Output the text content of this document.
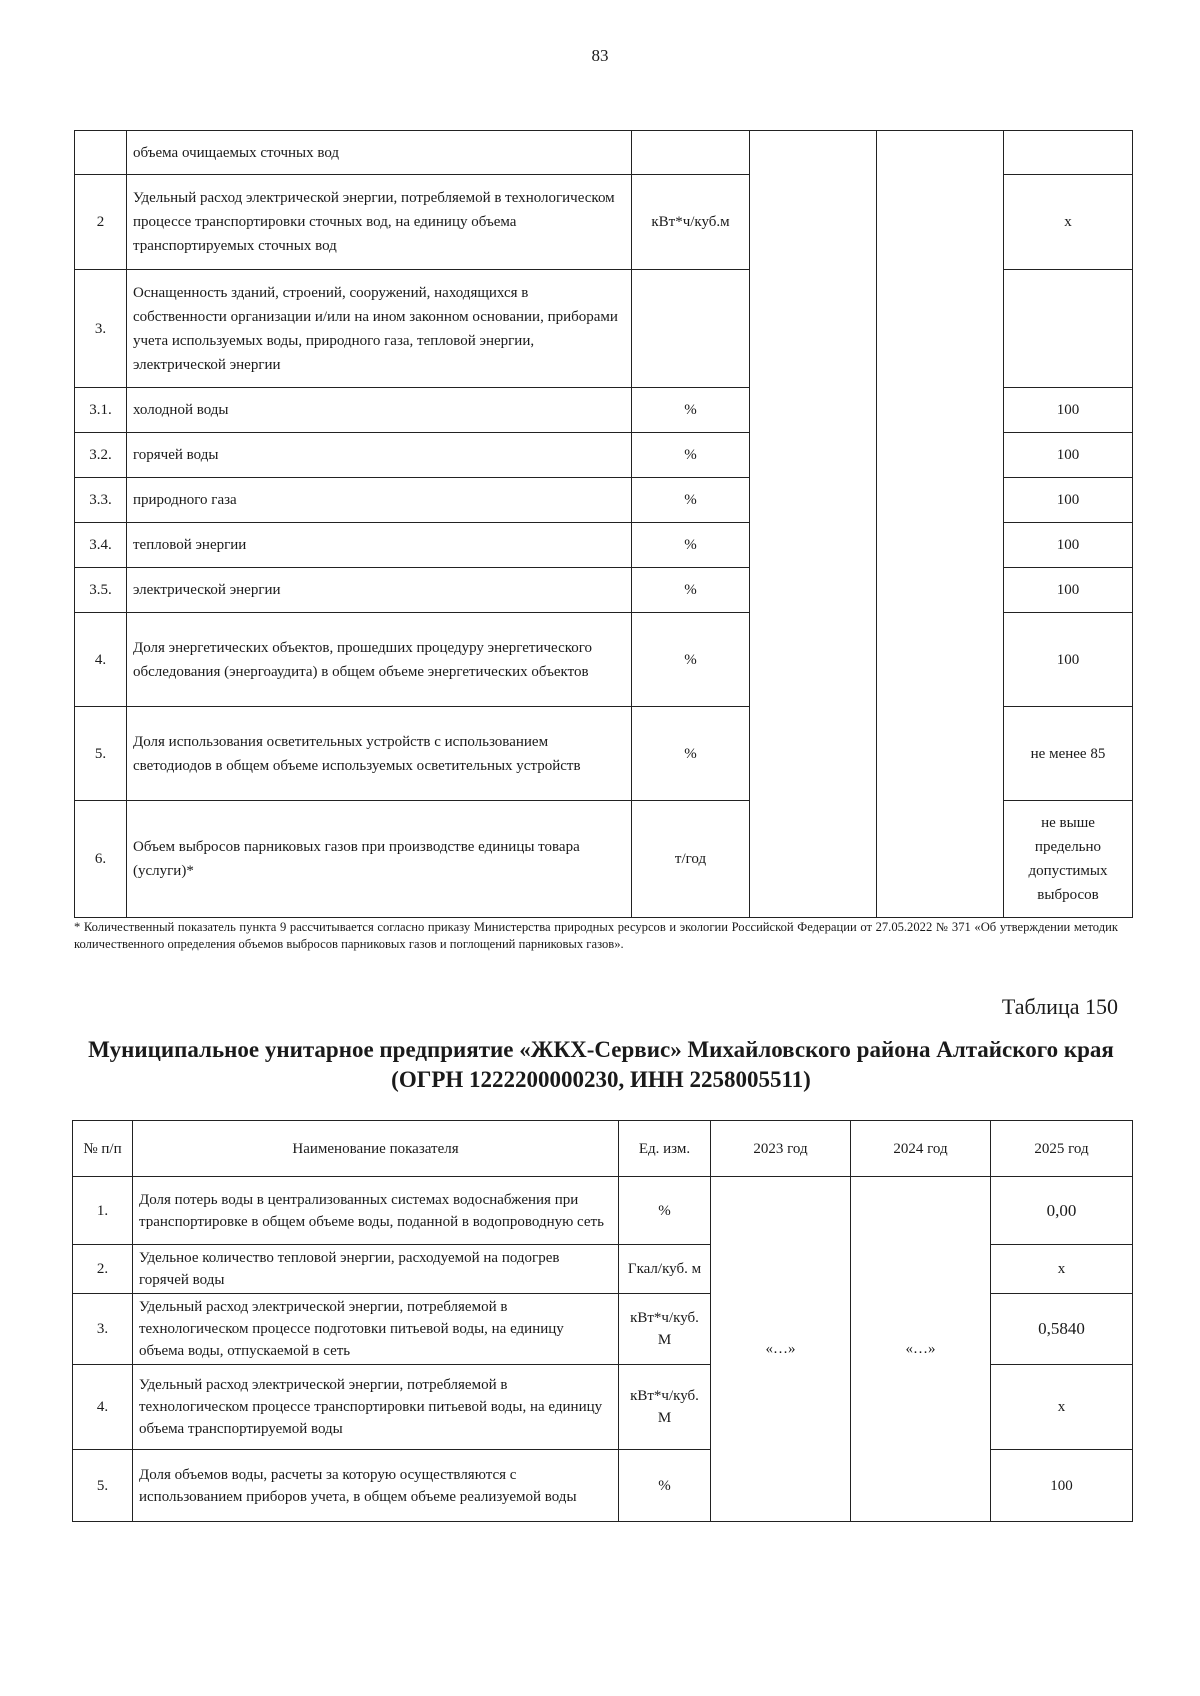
83
	объема очищаемых сточных вод				
2	Удельный расход электрической энергии, потребляемой в технологическом процессе транспортировки сточных вод, на единицу объема транспортируемых сточных вод	кВт*ч/куб.м			х
3.	Оснащенность зданий, строений, сооружений, находящихся в собственности организации и/или на ином законном основании, приборами учета используемых воды, природного газа, тепловой энергии, электрической энергии				
3.1.	холодной воды	%			100
3.2.	горячей воды	%			100
3.3.	природного газа	%			100
3.4.	тепловой энергии	%			100
3.5.	электрической энергии	%			100
4.	Доля энергетических объектов, прошедших процедуру энергетического обследования (энергоаудита) в общем объеме энергетических объектов	%			100
5.	Доля использования осветительных устройств с использованием светодиодов в общем объеме используемых осветительных устройств	%			не менее 85
6.	Объем выбросов парниковых газов при производстве единицы товара (услуги)*	т/год			не выше предельно допустимых выбросов
* Количественный показатель пункта 9 рассчитывается согласно приказу Министерства природных ресурсов и экологии Российской Федерации от 27.05.2022 № 371 «Об утверждении методик количественного определения объемов выбросов парниковых газов и поглощений парниковых газов».
Таблица 150
Муниципальное унитарное предприятие «ЖКХ-Сервис» Михайловского района Алтайского края (ОГРН 1222200000230, ИНН 2258005511)
№ п/п	Наименование показателя	Ед. изм.	2023 год	2024 год	2025 год
1.	Доля потерь воды в централизованных системах водоснабжения при транспортировке в общем объеме воды, поданной в водопроводную сеть	%	«…»	«…»	0,00
2.	Удельное количество тепловой энергии, расходуемой на подогрев горячей воды	Гкал/куб. м			х
3.	Удельный расход электрической энергии, потребляемой в технологическом процессе подготовки питьевой воды, на единицу объема воды, отпускаемой в сеть	кВт*ч/куб. М			0,5840
4.	Удельный расход электрической энергии, потребляемой в технологическом процессе транспортировки питьевой воды, на единицу объема транспортируемой воды	кВт*ч/куб. М			х
5.	Доля объемов воды, расчеты за которую осуществляются с использованием приборов учета, в общем объеме реализуемой воды	%			100
